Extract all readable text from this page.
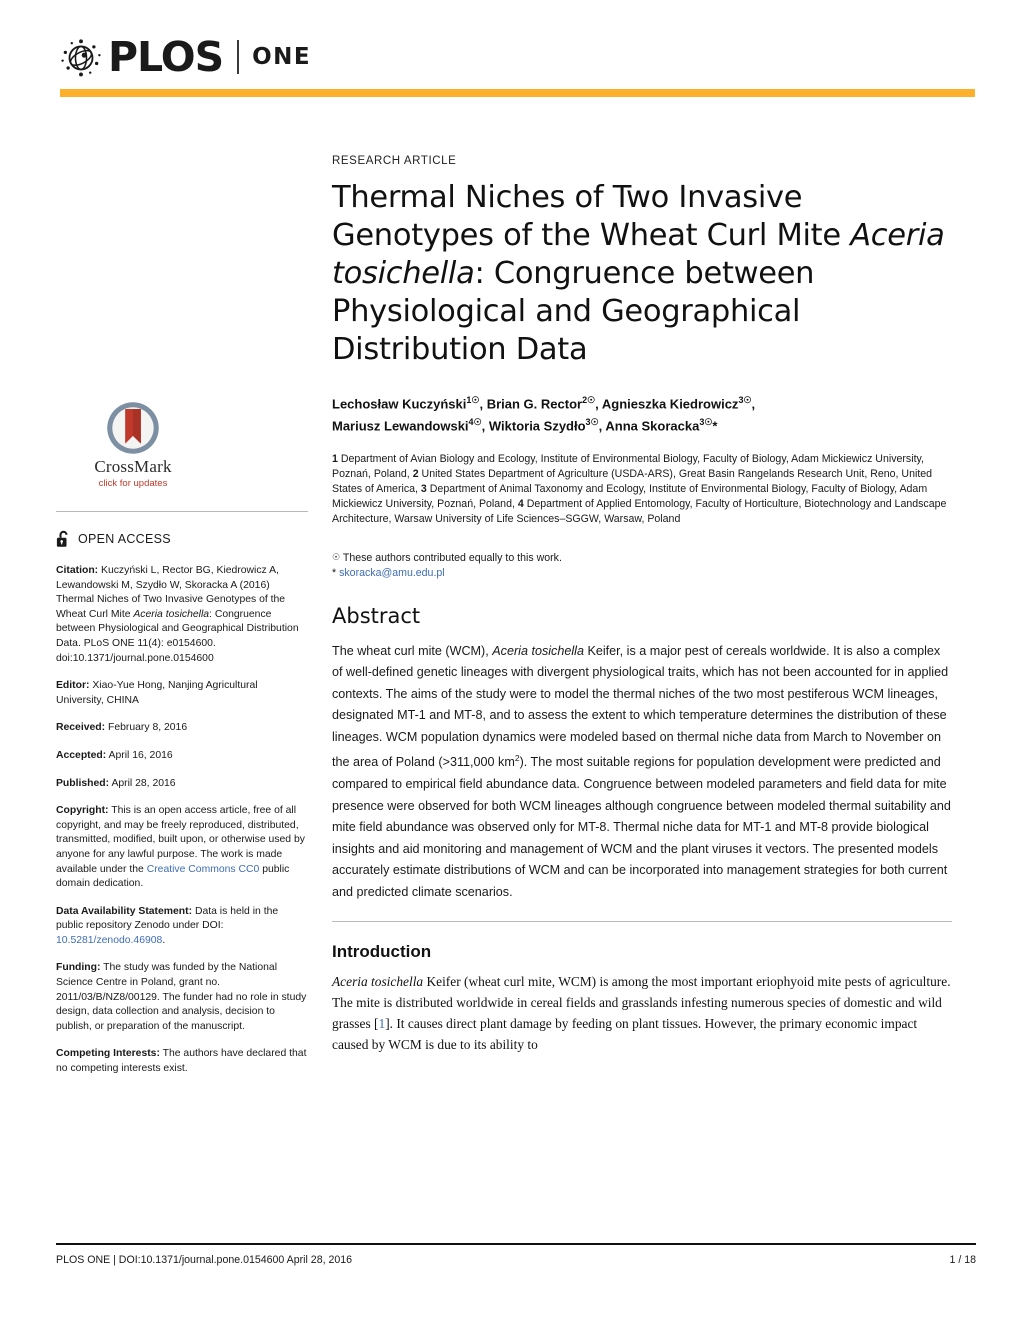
PLOS ONE
CrossMark
click for updates
OPEN ACCESS
Citation: Kuczyński L, Rector BG, Kiedrowicz A, Lewandowski M, Szydło W, Skoracka A (2016) Thermal Niches of Two Invasive Genotypes of the Wheat Curl Mite Aceria tosichella: Congruence between Physiological and Geographical Distribution Data. PLoS ONE 11(4): e0154600. doi:10.1371/journal.pone.0154600
Editor: Xiao-Yue Hong, Nanjing Agricultural University, CHINA
Received: February 8, 2016
Accepted: April 16, 2016
Published: April 28, 2016
Copyright: This is an open access article, free of all copyright, and may be freely reproduced, distributed, transmitted, modified, built upon, or otherwise used by anyone for any lawful purpose. The work is made available under the Creative Commons CC0 public domain dedication.
Data Availability Statement: Data is held in the public repository Zenodo under DOI: 10.5281/zenodo.46908.
Funding: The study was funded by the National Science Centre in Poland, grant no. 2011/03/B/NZ8/00129. The funder had no role in study design, data collection and analysis, decision to publish, or preparation of the manuscript.
Competing Interests: The authors have declared that no competing interests exist.
RESEARCH ARTICLE
Thermal Niches of Two Invasive Genotypes of the Wheat Curl Mite Aceria tosichella: Congruence between Physiological and Geographical Distribution Data
Lechosław Kuczyński$^{1☉}$, Brian G. Rector$^{2☉}$, Agnieszka Kiedrowicz$^{3☉}$,
Mariusz Lewandowski$^{4☉}$, Wiktoria Szydło$^{3☉}$, Anna Skoracka$^{3☉}$*
1 Department of Avian Biology and Ecology, Institute of Environmental Biology, Faculty of Biology, Adam Mickiewicz University, Poznań, Poland, 2 United States Department of Agriculture (USDA-ARS), Great Basin Rangelands Research Unit, Reno, United States of America, 3 Department of Animal Taxonomy and Ecology, Institute of Environmental Biology, Faculty of Biology, Adam Mickiewicz University, Poznań, Poland, 4 Department of Applied Entomology, Faculty of Horticulture, Biotechnology and Landscape Architecture, Warsaw University of Life Sciences–SGGW, Warsaw, Poland
☉ These authors contributed equally to this work.
* skoracka@amu.edu.pl
Abstract
The wheat curl mite (WCM), Aceria tosichella Keifer, is a major pest of cereals worldwide. It is also a complex of well-defined genetic lineages with divergent physiological traits, which has not been accounted for in applied contexts. The aims of the study were to model the thermal niches of the two most pestiferous WCM lineages, designated MT-1 and MT-8, and to assess the extent to which temperature determines the distribution of these lineages. WCM population dynamics were modeled based on thermal niche data from March to November on the area of Poland (>311,000 $km^2$). The most suitable regions for population development were predicted and compared to empirical field abundance data. Congruence between modeled parameters and field data for mite presence were observed for both WCM lineages although congruence between modeled thermal suitability and mite field abundance was observed only for MT-8. Thermal niche data for MT-1 and MT-8 provide biological insights and aid monitoring and management of WCM and the plant viruses it vectors. The presented models accurately estimate distributions of WCM and can be incorporated into management strategies for both current and predicted climate scenarios.
Introduction
Aceria tosichella Keifer (wheat curl mite, WCM) is among the most important eriophyoid mite pests of agriculture. The mite is distributed worldwide in cereal fields and grasslands infesting numerous species of domestic and wild grasses [1]. It causes direct plant damage by feeding on plant tissues. However, the primary economic impact caused by WCM is due to its ability to
PLOS ONE | DOI:10.1371/journal.pone.0154600 April 28, 2016	1 / 18
